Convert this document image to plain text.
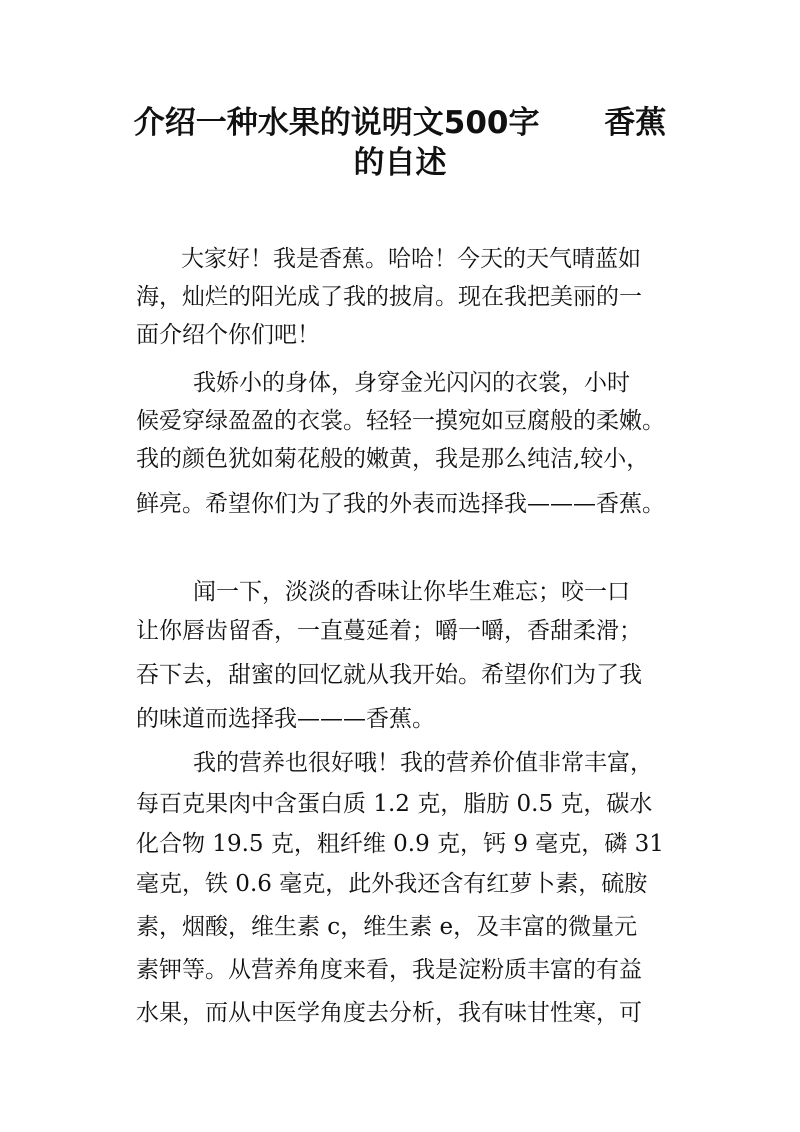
介绍一种水果的说明文500字      香蕉
的自述
大家好！我是香蕉。哈哈！今天的天气晴蓝如
海，灿烂的阳光成了我的披肩。现在我把美丽的一
面介绍个你们吧！
我娇小的身体，身穿金光闪闪的衣裳，小时
候爱穿绿盈盈的衣裳。轻轻一摸宛如豆腐般的柔嫩。
我的颜色犹如菊花般的嫩黄，我是那么纯洁,较小，
鲜亮。希望你们为了我的外表而选择我———香蕉。
闻一下，淡淡的香味让你毕生难忘；咬一口
让你唇齿留香，一直蔓延着；嚼一嚼，香甜柔滑；
吞下去，甜蜜的回忆就从我开始。希望你们为了我
的味道而选择我———香蕉。
我的营养也很好哦！我的营养价值非常丰富，
每百克果肉中含蛋白质 1.2 克，脂肪 0.5 克，碳水
化合物 19.5 克，粗纤维 0.9 克，钙 9 毫克，磷 31
毫克，铁 0.6 毫克，此外我还含有红萝卜素，硫胺
素，烟酸，维生素 c，维生素 e，及丰富的微量元
素钾等。从营养角度来看，我是淀粉质丰富的有益
水果，而从中医学角度去分析，我有味甘性寒，可
